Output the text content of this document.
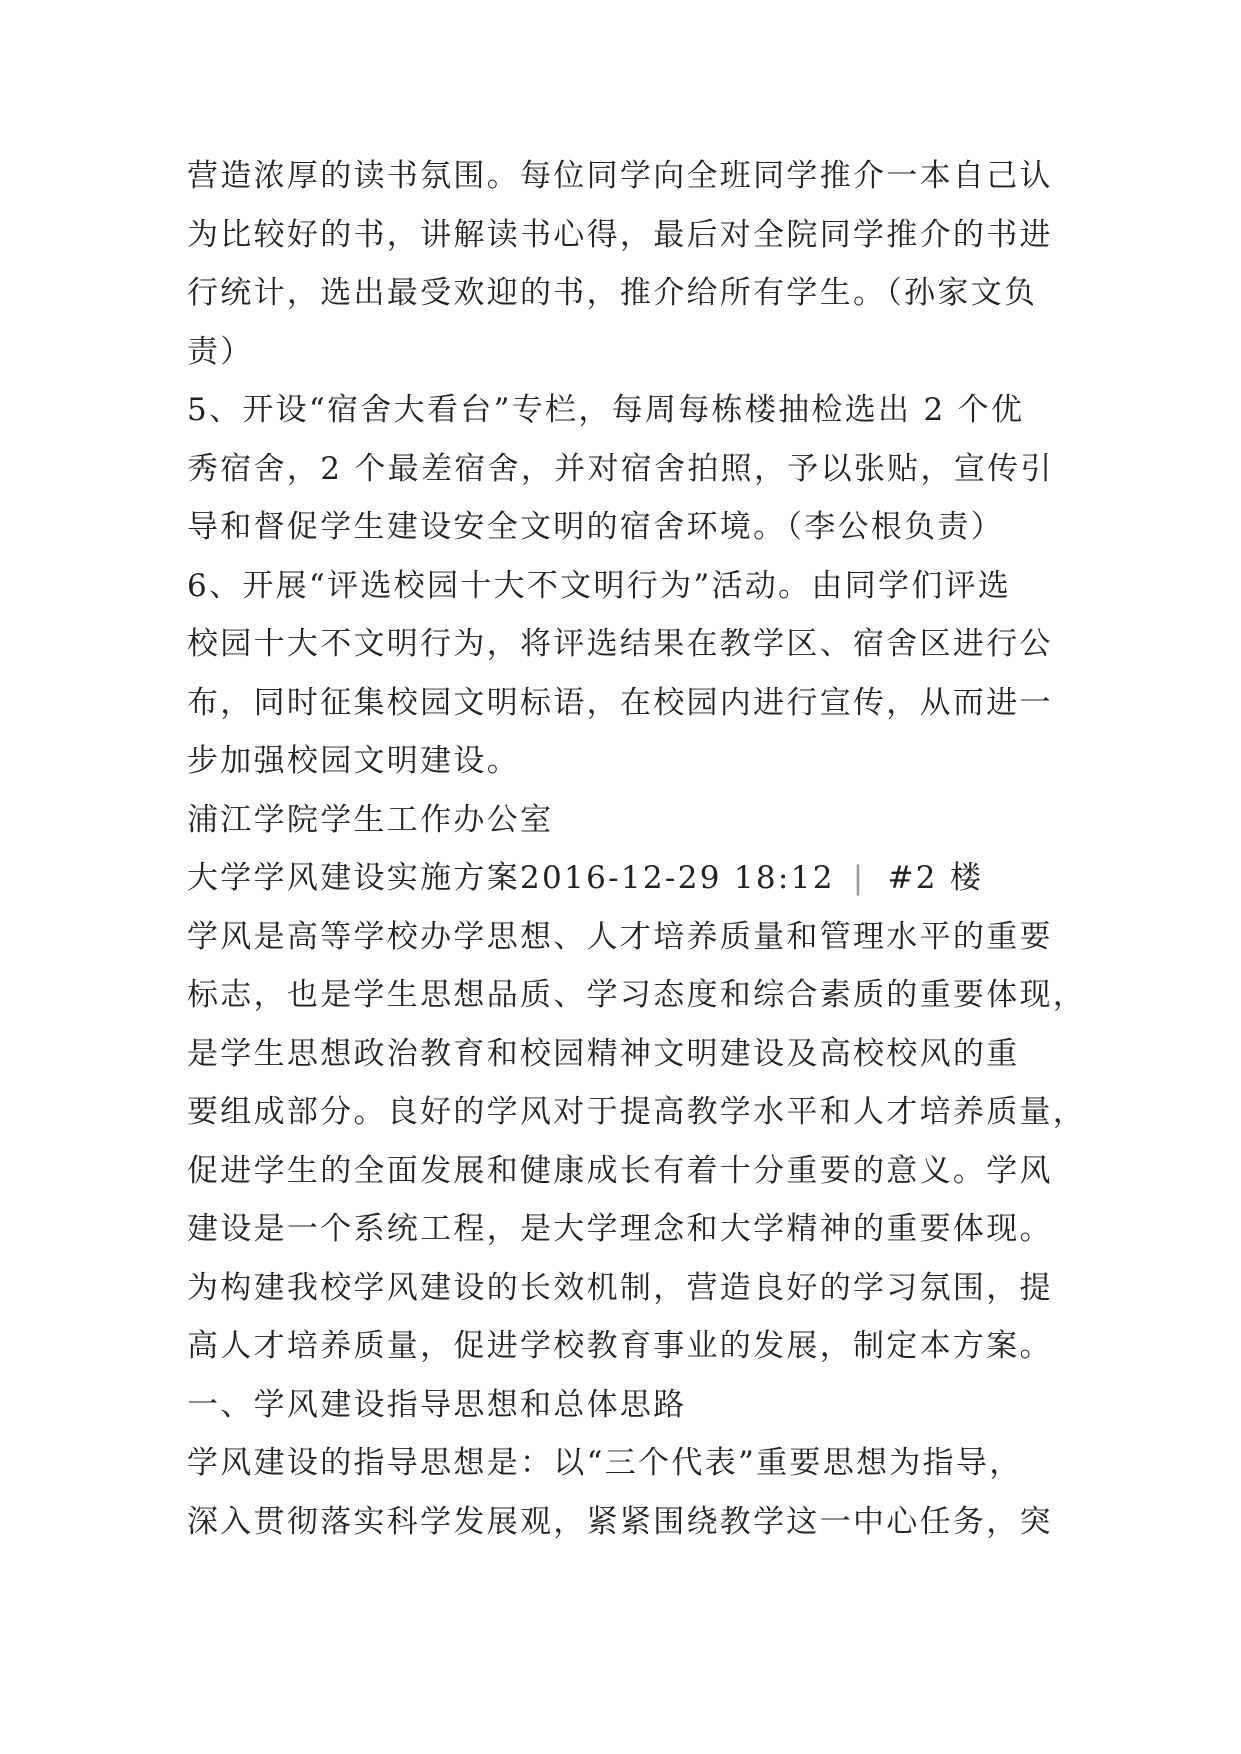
营造浓厚的读书氛围。每位同学向全班同学推介一本自己认
为比较好的书，讲解读书心得，最后对全院同学推介的书进
行统计，选出最受欢迎的书，推介给所有学生。（孙家文负
责）
5、开设“宿舍大看台”专栏，每周每栋楼抽检选出 2 个优
秀宿舍，2 个最差宿舍，并对宿舍拍照，予以张贴，宣传引
导和督促学生建设安全文明的宿舍环境。（李公根负责）
6、开展“评选校园十大不文明行为”活动。由同学们评选
校园十大不文明行为，将评选结果在教学区、宿舍区进行公
布，同时征集校园文明标语，在校园内进行宣传，从而进一
步加强校园文明建设。
浦江学院学生工作办公室
大学学风建设实施方案2016-12-29 18:12 | #2 楼
学风是高等学校办学思想、人才培养质量和管理水平的重要
标志，也是学生思想品质、学习态度和综合素质的重要体现，
是学生思想政治教育和校园精神文明建设及高校校风的重
要组成部分。良好的学风对于提高教学水平和人才培养质量，
促进学生的全面发展和健康成长有着十分重要的意义。学风
建设是一个系统工程，是大学理念和大学精神的重要体现。
为构建我校学风建设的长效机制，营造良好的学习氛围，提
高人才培养质量，促进学校教育事业的发展，制定本方案。
一、学风建设指导思想和总体思路
学风建设的指导思想是：以“三个代表”重要思想为指导，
深入贯彻落实科学发展观，紧紧围绕教学这一中心任务，突
